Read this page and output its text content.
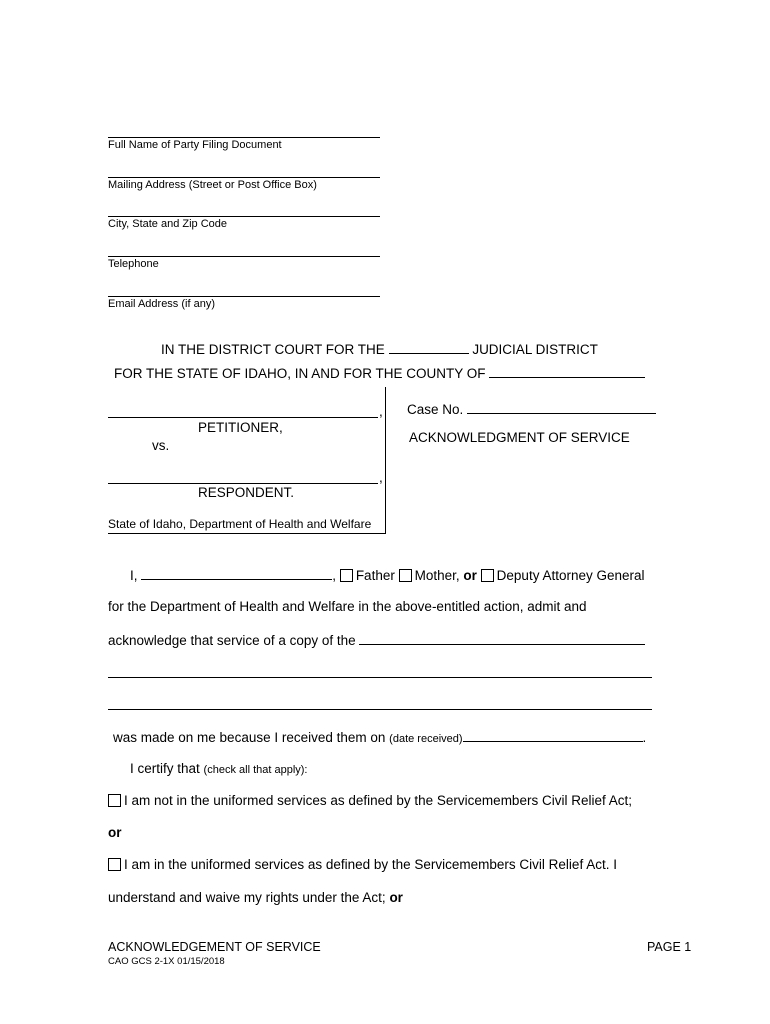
Full Name of Party Filing Document
Mailing Address (Street or Post Office Box)
City, State and Zip Code
Telephone
Email Address (if any)
IN THE DISTRICT COURT FOR THE	JUDICIAL DISTRICT
FOR THE STATE OF IDAHO, IN AND FOR THE COUNTY OF
,
PETITIONER,
vs.
,
RESPONDENT.
State of Idaho, Department of Health and Welfare
Case No.
ACKNOWLEDGMENT OF SERVICE
I,	, Father Mother, or Deputy Attorney General
for the Department of Health and Welfare in the above-entitled action, admit and
acknowledge that service of a copy of the
was made on me because I received them on (date received)	.
I certify that (check all that apply):
I am not in the uniformed services as defined by the Servicemembers Civil Relief Act;
or
I am in the uniformed services as defined by the Servicemembers Civil Relief Act. I
understand and waive my rights under the Act; or
ACKNOWLEDGEMENT OF SERVICE
CAO GCS 2-1X 01/15/2018
PAGE 1
